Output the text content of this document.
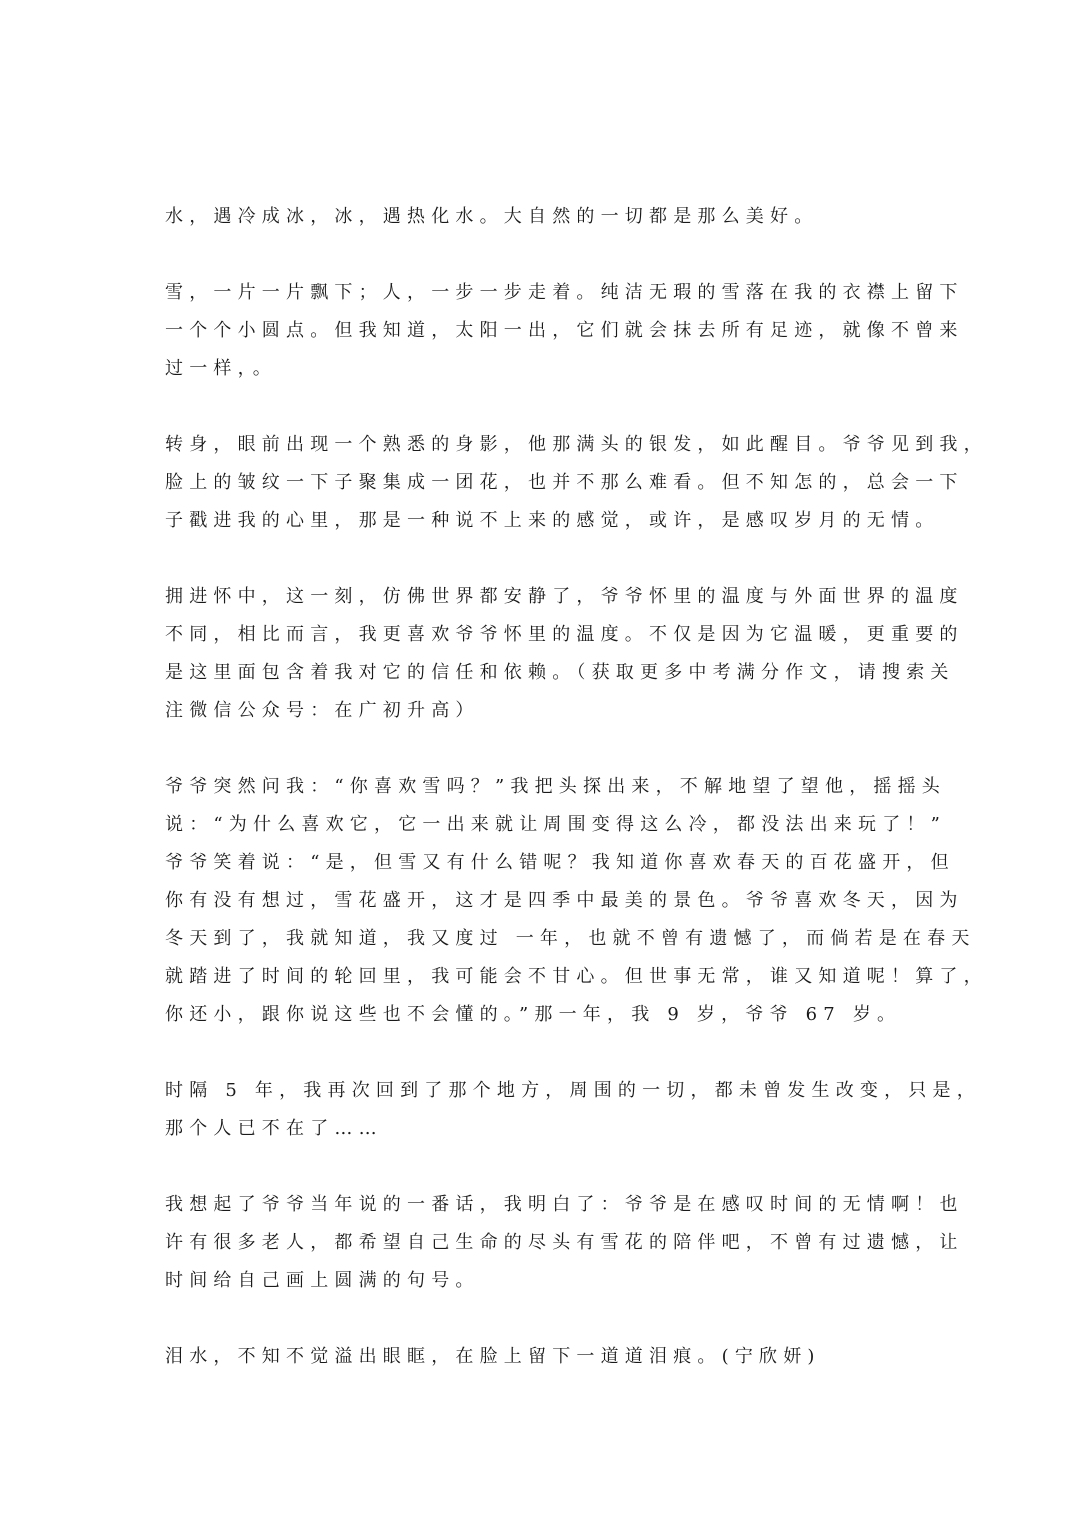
水，遇冷成冰，冰，遇热化水。大自然的一切都是那么美好。

雪，一片一片飘下；人，一步一步走着。纯洁无瑕的雪落在我的衣襟上留下
一个个小圆点。但我知道，太阳一出，它们就会抹去所有足迹，就像不曾来
过一样，。

转身，眼前出现一个熟悉的身影，他那满头的银发，如此醒目。爷爷见到我，
脸上的皱纹一下子聚集成一团花，也并不那么难看。但不知怎的，总会一下
子戳进我的心里，那是一种说不上来的感觉，或许，是感叹岁月的无情。

拥进怀中，这一刻，仿佛世界都安静了，爷爷怀里的温度与外面世界的温度
不同，相比而言，我更喜欢爷爷怀里的温度。不仅是因为它温暖，更重要的
是这里面包含着我对它的信任和依赖。（获取更多中考满分作文，请搜索关
注微信公众号：在广初升高）

爷爷突然问我：“你喜欢雪吗？”我把头探出来，不解地望了望他，摇摇头
说：“为什么喜欢它，它一出来就让周围变得这么冷，都没法出来玩了！”
爷爷笑着说：“是，但雪又有什么错呢？我知道你喜欢春天的百花盛开，但
你有没有想过，雪花盛开，这才是四季中最美的景色。爷爷喜欢冬天，因为
冬天到了，我就知道，我又度过 一年，也就不曾有遗憾了，而倘若是在春天
就踏进了时间的轮回里，我可能会不甘心。但世事无常，谁又知道呢！算了，
你还小，跟你说这些也不会懂的。”那一年，我 9 岁，爷爷 67 岁。

时隔 5 年，我再次回到了那个地方，周围的一切，都未曾发生改变，只是，
那个人已不在了……

我想起了爷爷当年说的一番话，我明白了：爷爷是在感叹时间的无情啊！也
许有很多老人，都希望自己生命的尽头有雪花的陪伴吧，不曾有过遗憾，让
时间给自己画上圆满的句号。

泪水，不知不觉溢出眼眶，在脸上留下一道道泪痕。(宁欣妍)
